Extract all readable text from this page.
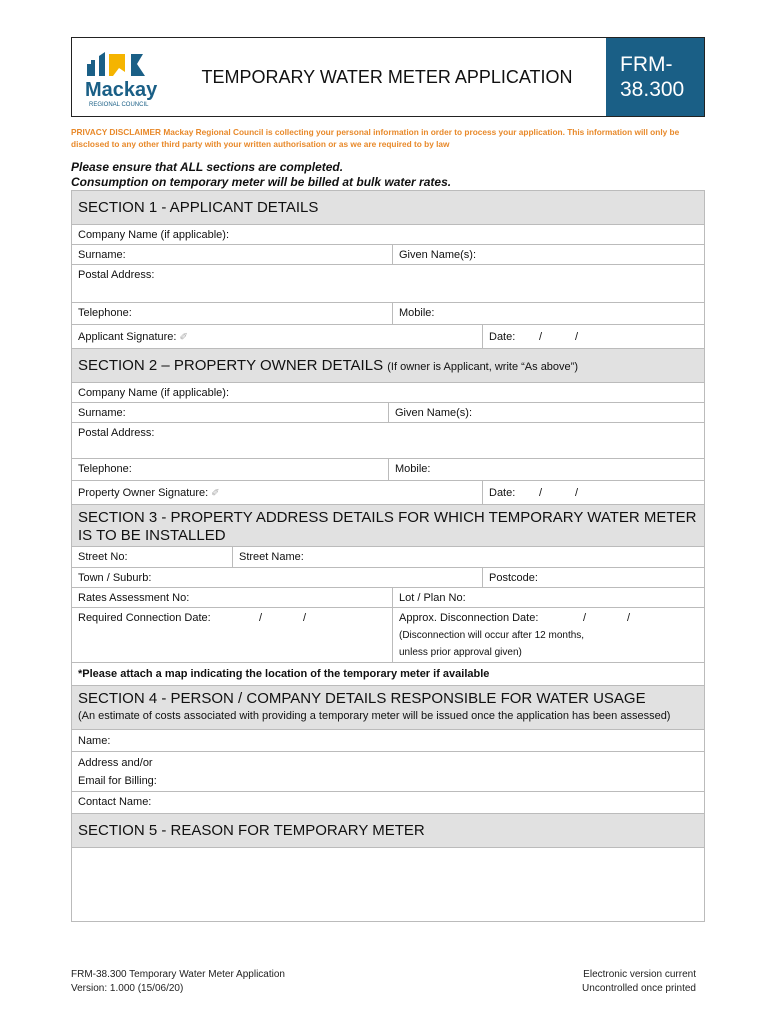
Mackay
REGIONAL COUNCIL
TEMPORARY WATER METER APPLICATION
FRM-38.300
PRIVACY DISCLAIMER Mackay Regional Council is collecting your personal information in order to process your application. This information will only be disclosed to any other third party with your written authorisation or as we are required to by law
Please ensure that ALL sections are completed.
Consumption on temporary meter will be billed at bulk water rates.
SECTION 1 - APPLICANT DETAILS
Company Name (if applicable):
Surname:	Given Name(s):
Postal Address:
Telephone:	Mobile:
Applicant Signature: ✐	Date: /	/
SECTION 2 – PROPERTY OWNER DETAILS (If owner is Applicant, write “As above”)
Company Name (if applicable):
Surname:	Given Name(s):
Postal Address:
Telephone:	Mobile:
Property Owner Signature: ✐	Date: /	/
SECTION 3 - PROPERTY ADDRESS DETAILS FOR WHICH TEMPORARY WATER METER IS TO BE INSTALLED
Street No:	Street Name:
Town / Suburb:	Postcode:
Rates Assessment No:	Lot / Plan No:
Required Connection Date:	/	/	Approx. Disconnection Date:	/	/
(Disconnection will occur after 12 months,
unless prior approval given)
*Please attach a map indicating the location of the temporary meter if available
SECTION 4 - PERSON / COMPANY DETAILS RESPONSIBLE FOR WATER USAGE
(An estimate of costs associated with providing a temporary meter will be issued once the application has been assessed)
Name:
Address and/or
Email for Billing:
Contact Name:
SECTION 5 - REASON FOR TEMPORARY METER
FRM-38.300 Temporary Water Meter Application
Version: 1.000 (15/06/20)
Electronic version current
Uncontrolled once printed
